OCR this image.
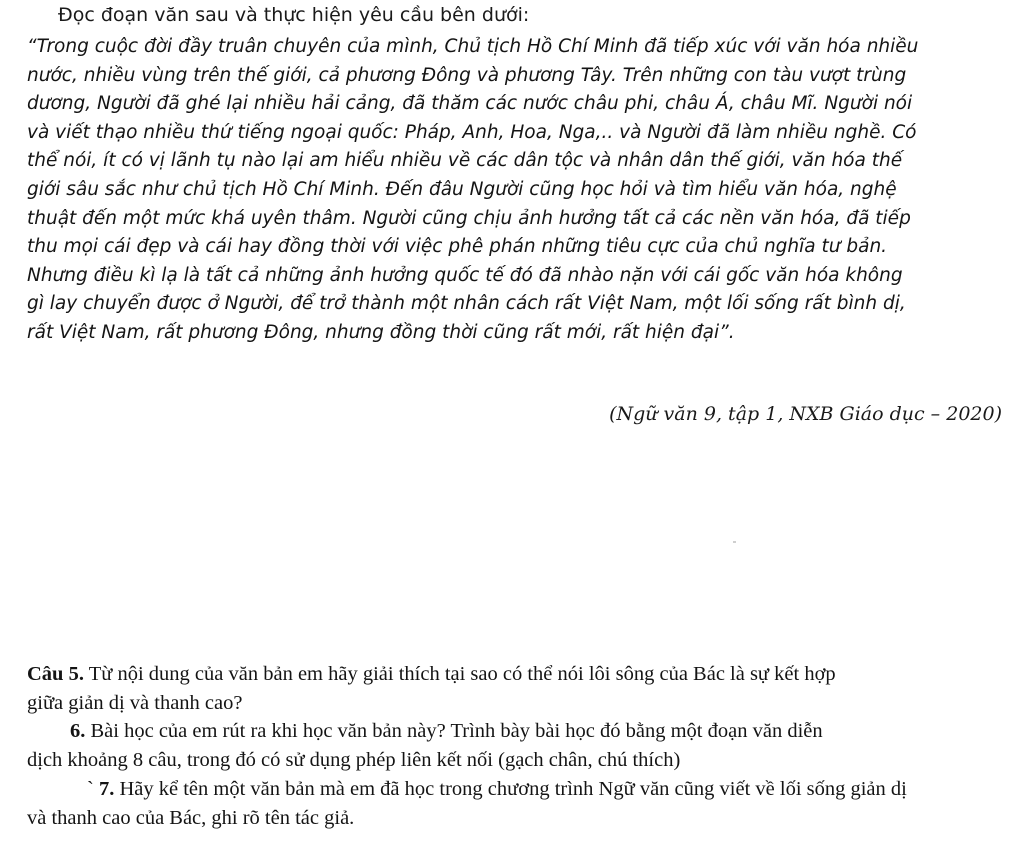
Đọc đoạn văn sau và thực hiện yêu cầu bên dưới:
“Trong cuộc đời đầy truân chuyên của mình, Chủ tịch Hồ Chí Minh đã tiếp xúc với văn hóa nhiều
nước, nhiều vùng trên thế giới, cả phương Đông và phương Tây. Trên những con tàu vượt trùng
dương, Người đã ghé lại nhiều hải cảng, đã thăm các nước châu phi, châu Á, châu Mĩ. Người nói
và viết thạo nhiều thứ tiếng ngoại quốc: Pháp, Anh, Hoa, Nga,.. và Người đã làm nhiều nghề. Có
thể nói, ít có vị lãnh tụ nào lại am hiểu nhiều về các dân tộc và nhân dân thế giới, văn hóa thế
giới sâu sắc như chủ tịch Hồ Chí Minh. Đến đâu Người cũng học hỏi và tìm hiểu văn hóa, nghệ
thuật đến một mức khá uyên thâm. Người cũng chịu ảnh hưởng tất cả các nền văn hóa, đã tiếp
thu mọi cái đẹp và cái hay đồng thời với việc phê phán những tiêu cực của chủ nghĩa tư bản.
Nhưng điều kì lạ là tất cả những ảnh hưởng quốc tế đó đã nhào nặn với cái gốc văn hóa không
gì lay chuyển được ở Người, để trở thành một nhân cách rất Việt Nam, một lối sống rất bình dị,
rất Việt Nam, rất phương Đông, nhưng đồng thời cũng rất mới, rất hiện đại”.
(Ngữ văn 9, tập 1, NXB Giáo dục – 2020)
Câu 5. Từ nội dung của văn bản em hãy giải thích tại sao có thể nói lôi sông của Bác là sự kết hợp
giữa giản dị và thanh cao?
6. Bài học của em rút ra khi học văn bản này? Trình bày bài học đó bằng một đoạn văn diễn
dịch khoảng 8 câu, trong đó có sử dụng phép liên kết nối (gạch chân, chú thích)
` 7. Hãy kể tên một văn bản mà em đã học trong chương trình Ngữ văn cũng viết về lối sống giản dị
và thanh cao của Bác, ghi rõ tên tác giả.
